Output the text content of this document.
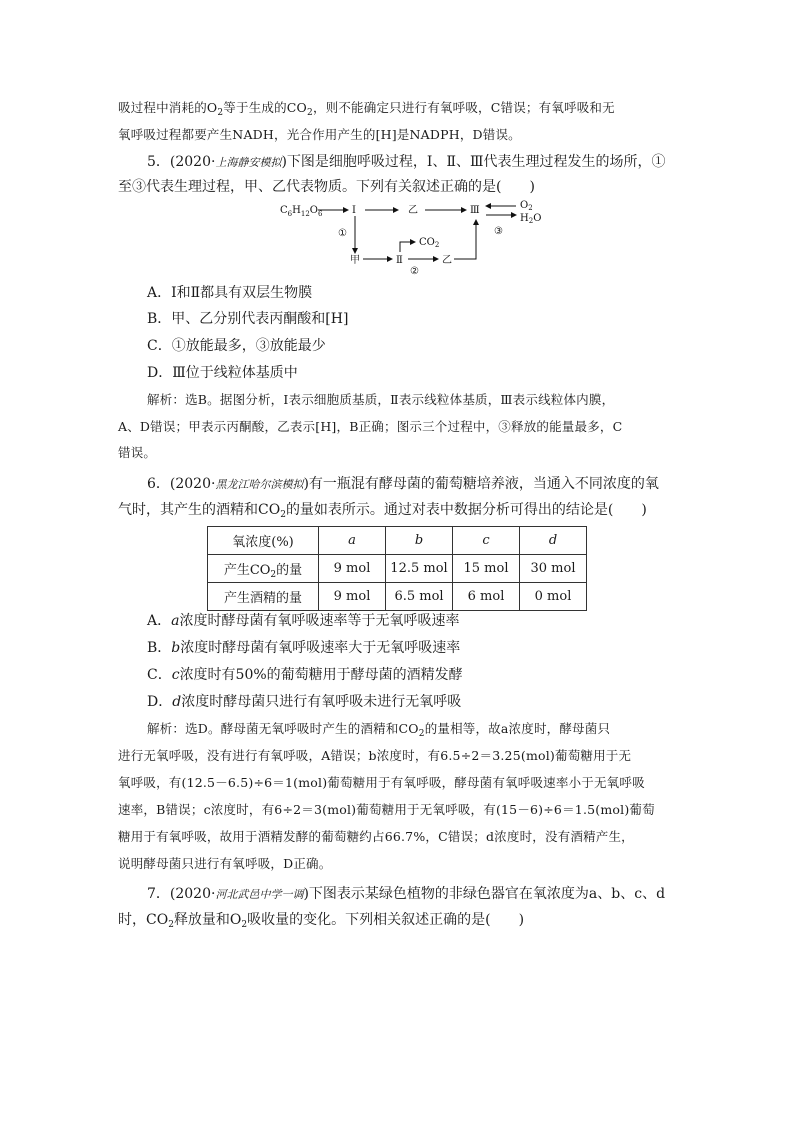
吸过程中消耗的$O_2$等于生成的$CO_2$，则不能确定只进行有氧呼吸，C错误；有氧呼吸和无
氧呼吸过程都要产生NADH，光合作用产生的[H]是NADPH，D错误。
5．(2020·上海静安模拟)下图是细胞呼吸过程，Ⅰ、Ⅱ、Ⅲ代表生理过程发生的场所，①
至③代表生理过程，甲、乙代表物质。下列有关叙述正确的是(　　)
$C_6H_{12}O_6$	Ⅰ	乙	Ⅲ	$O_2$
$H_2O$
①
甲	Ⅱ
$CO_2$
乙
②
③
A．Ⅰ和Ⅱ都具有双层生物膜
B．甲、乙分别代表丙酮酸和[H]
C．①放能最多，③放能最少
D．Ⅲ位于线粒体基质中
解析：选B。据图分析，Ⅰ表示细胞质基质，Ⅱ表示线粒体基质，Ⅲ表示线粒体内膜，
A、D错误；甲表示丙酮酸，乙表示[H]，B正确；图示三个过程中，③释放的能量最多，C
错误。
6．(2020·黑龙江哈尔滨模拟)有一瓶混有酵母菌的葡萄糖培养液，当通入不同浓度的氧
气时，其产生的酒精和$CO_2$的量如表所示。通过对表中数据分析可得出的结论是(　　)
氧浓度(%)	a	b	c	d
产生$CO_2$的量	9 mol	12.5 mol	15 mol	30 mol
产生酒精的量	9 mol	6.5 mol	6 mol	0 mol
A．a浓度时酵母菌有氧呼吸速率等于无氧呼吸速率
B．b浓度时酵母菌有氧呼吸速率大于无氧呼吸速率
C．c浓度时有50%的葡萄糖用于酵母菌的酒精发酵
D．d浓度时酵母菌只进行有氧呼吸未进行无氧呼吸
解析：选D。酵母菌无氧呼吸时产生的酒精和$CO_2$的量相等，故a浓度时，酵母菌只
进行无氧呼吸，没有进行有氧呼吸，A错误；b浓度时，有6.5÷2＝3.25(mol)葡萄糖用于无
氧呼吸，有(12.5－6.5)÷6＝1(mol)葡萄糖用于有氧呼吸，酵母菌有氧呼吸速率小于无氧呼吸
速率，B错误；c浓度时，有6÷2＝3(mol)葡萄糖用于无氧呼吸，有(15－6)÷6＝1.5(mol)葡萄
糖用于有氧呼吸，故用于酒精发酵的葡萄糖约占66.7%，C错误；d浓度时，没有酒精产生，
说明酵母菌只进行有氧呼吸，D正确。
7．(2020·河北武邑中学一调)下图表示某绿色植物的非绿色器官在氧浓度为a、b、c、d
时，$CO_2$释放量和$O_2$吸收量的变化。下列相关叙述正确的是(　　)
